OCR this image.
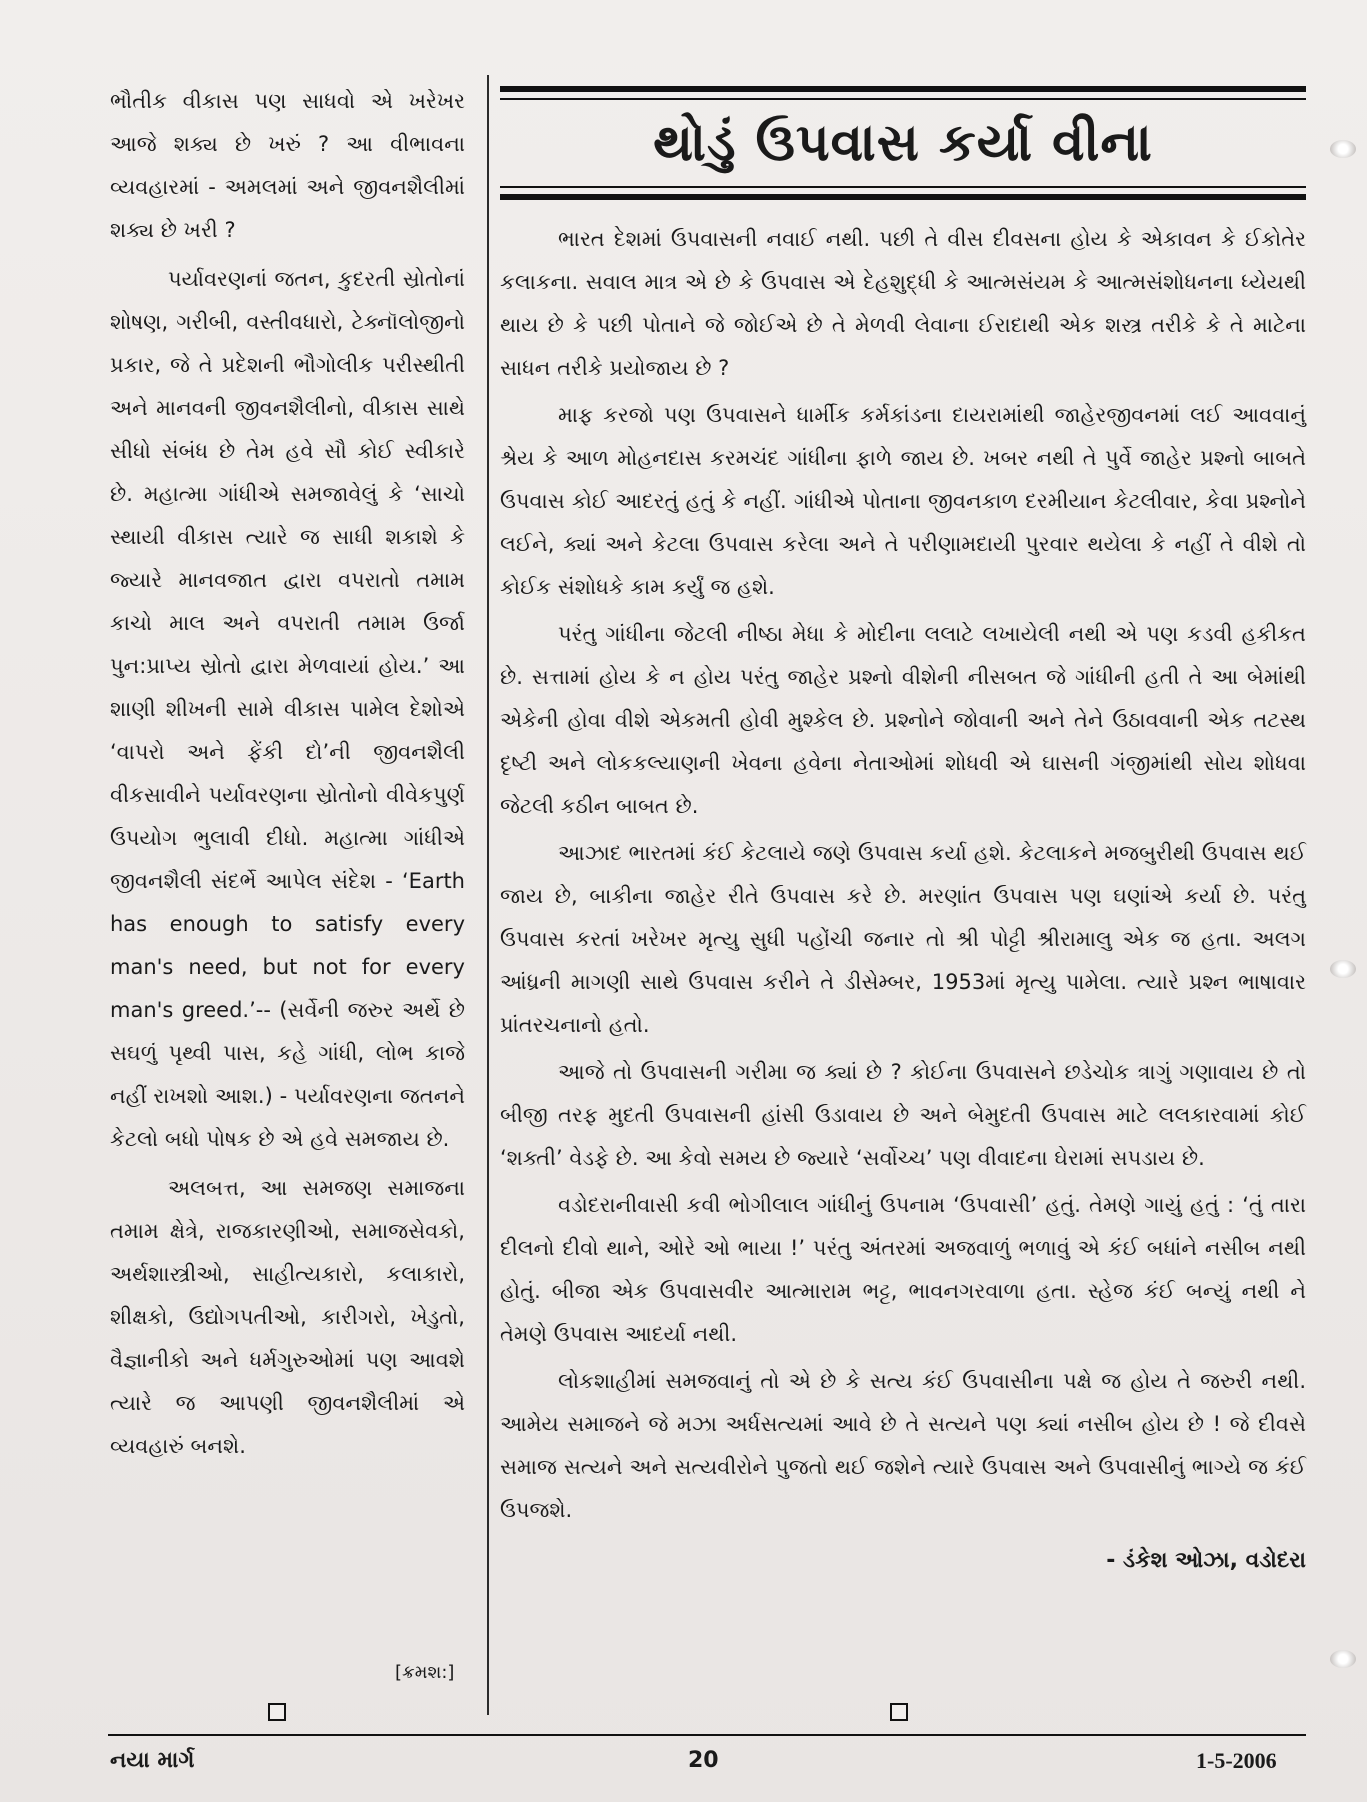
ભૌતીક વીકાસ પણ સાધવો એ ખરેખર આજે શક્ય છે ખરું ? આ વીભાવના વ્યવહારમાં - અમલમાં અને જીવનશૈલીમાં શક્ય છે ખરી ?

પર્યાવરણનાં જતન, કુદરતી સ્રોતોનાં શોષણ, ગરીબી, વસ્તીવધારો, ટેક્નૉલોજીનો પ્રકાર, જે તે પ્રદેશની ભૌગોલીક પરીસ્થીતી અને માનવની જીવનશૈલીનો, વીકાસ સાથે સીધો સંબંધ છે તેમ હવે સૌ કોઈ સ્વીકારે છે. મહાત્મા ગાંધીએ સમજાવેલું કે ‘સાચો સ્થાયી વીકાસ ત્યારે જ સાધી શકાશે કે જ્યારે માનવજાત દ્વારા વપરાતો તમામ કાચો માલ અને વપરાતી તમામ ઉર્જા પુન:પ્રાપ્ય સ્રોતો દ્વારા મેળવાયાં હોય.’ આ શાણી શીખની સામે વીકાસ પામેલ દેશોએ ‘વાપરો અને ફેંકી દો’ની જીવનશૈલી વીકસાવીને પર્યાવરણના સ્રોતોનો વીવેકપુર્ણ ઉપયોગ ભુલાવી દીધો. મહાત્મા ગાંધીએ જીવનશૈલી સંદર્ભે આપેલ સંદેશ - ‘Earth has enough to satisfy every man's need, but not for every man's greed.’-- (સર્વેની જરુર અર્થે છે સઘળું પૃથ્વી પાસ, કહે ગાંધી, લોભ કાજે નહીં રાખશો આશ.) - પર્યાવરણના જતનને કેટલો બધો પોષક છે એ હવે સમજાય છે.

અલબત્ત, આ સમજણ સમાજના તમામ ક્ષેત્રે, રાજકારણીઓ, સમાજસેવકો, અર્થશાસ્ત્રીઓ, સાહીત્યકારો, કલાકારો, શીક્ષકો, ઉદ્યોગપતીઓ, કારીગરો, ખેડુતો, વૈજ્ઞાનીકો અને ધર્મગુરુઓમાં પણ આવશે ત્યારે જ આપણી જીવનશૈલીમાં એ વ્યવહારું બનશે.

[ક્રમશ:]
થોડું ઉપવાસ કર્યા વીના

ભારત દેશમાં ઉપવાસની નવાઈ નથી. પછી તે વીસ દીવસના હોય કે એકાવન કે ઈકોતેર કલાકના. સવાલ માત્ર એ છે કે ઉપવાસ એ દેહશુદ્ધી કે આત્મસંયમ કે આત્મસંશોધનના ધ્યેયથી થાય છે કે પછી પોતાને જે જોઈએ છે તે મેળવી લેવાના ઈરાદાથી એક શસ્ત્ર તરીકે કે તે માટેના સાધન તરીકે પ્રયોજાય છે ?

માફ કરજો પણ ઉપવાસને ધાર્મીક કર્મકાંડના દાયરામાંથી જાહેરજીવનમાં લઈ આવવાનું શ્રેય કે આળ મોહનદાસ કરમચંદ ગાંધીના ફાળે જાય છે. ખબર નથી તે પુર્વે જાહેર પ્રશ્નો બાબતે ઉપવાસ કોઈ આદરતું હતું કે નહીં. ગાંધીએ પોતાના જીવનકાળ દરમીયાન કેટલીવાર, કેવા પ્રશ્નોને લઈને, ક્યાં અને કેટલા ઉપવાસ કરેલા અને તે પરીણામદાયી પુરવાર થયેલા કે નહીં તે વીશે તો કોઈક સંશોધકે કામ કર્યું જ હશે.

પરંતુ ગાંધીના જેટલી નીષ્ઠા મેધા કે મોદીના લલાટે લખાયેલી નથી એ પણ કડવી હકીકત છે. સત્તામાં હોય કે ન હોય પરંતુ જાહેર પ્રશ્નો વીશેની નીસબત જે ગાંધીની હતી તે આ બેમાંથી એકેની હોવા વીશે એકમતી હોવી મુશ્કેલ છે. પ્રશ્નોને જોવાની અને તેને ઉઠાવવાની એક તટસ્થ દૃષ્ટી અને લોકકલ્યાણની ખેવના હવેના નેતાઓમાં શોધવી એ ઘાસની ગંજીમાંથી સોય શોધવા જેટલી કઠીન બાબત છે.

આઝાદ ભારતમાં કંઈ કેટલાયે જણે ઉપવાસ કર્યા હશે. કેટલાકને મજબુરીથી ઉપવાસ થઈ જાય છે, બાકીના જાહેર રીતે ઉપવાસ કરે છે. મરણાંત ઉપવાસ પણ ઘણાંએ કર્યા છે. પરંતુ ઉપવાસ કરતાં ખરેખર મૃત્યુ સુધી પહોંચી જનાર તો શ્રી પોટ્ટી શ્રીરામાલુ એક જ હતા. અલગ આંધ્રની માગણી સાથે ઉપવાસ કરીને તે ડીસેમ્બર, 1953માં મૃત્યુ પામેલા. ત્યારે પ્રશ્ન ભાષાવાર પ્રાંતરચનાનો હતો.

આજે તો ઉપવાસની ગરીમા જ ક્યાં છે ? કોઈના ઉપવાસને છડેચોક ત્રાગું ગણાવાય છે તો બીજી તરફ મુદતી ઉપવાસની હાંસી ઉડાવાય છે અને બેમુદતી ઉપવાસ માટે લલકારવામાં કોઈ ‘શક્તી’ વેડફે છે. આ કેવો સમય છે જ્યારે ‘સર્વોચ્ચ’ પણ વીવાદના ઘેરામાં સપડાય છે.

વડોદરાનીવાસી કવી ભોગીલાલ ગાંધીનું ઉપનામ ‘ઉપવાસી’ હતું. તેમણે ગાયું હતું : ‘તું તારા દીલનો દીવો થાને, ઓરે ઓ ભાયા !’ પરંતુ અંતરમાં અજવાળું ભળાવું એ કંઈ બધાંને નસીબ નથી હોતું. બીજા એક ઉપવાસવીર આત્મારામ ભટ્ટ, ભાવનગરવાળા હતા. સ્હેજ કંઈ બન્યું નથી ને તેમણે ઉપવાસ આદર્યા નથી.

લોકશાહીમાં સમજવાનું તો એ છે કે સત્ય કંઈ ઉપવાસીના પક્ષે જ હોય તે જરુરી નથી. આમેય સમાજને જે મઝા અર્ધસત્યમાં આવે છે તે સત્યને પણ ક્યાં નસીબ હોય છે ! જે દીવસે સમાજ સત્યને અને સત્યવીરોને પુજતો થઈ જશેને ત્યારે ઉપવાસ અને ઉપવાસીનું ભાગ્યે જ કંઈ ઉપજશે.

- ડંકેશ ઓઝા, વડોદરા
નયા માર્ગ	20	1-5-2006
